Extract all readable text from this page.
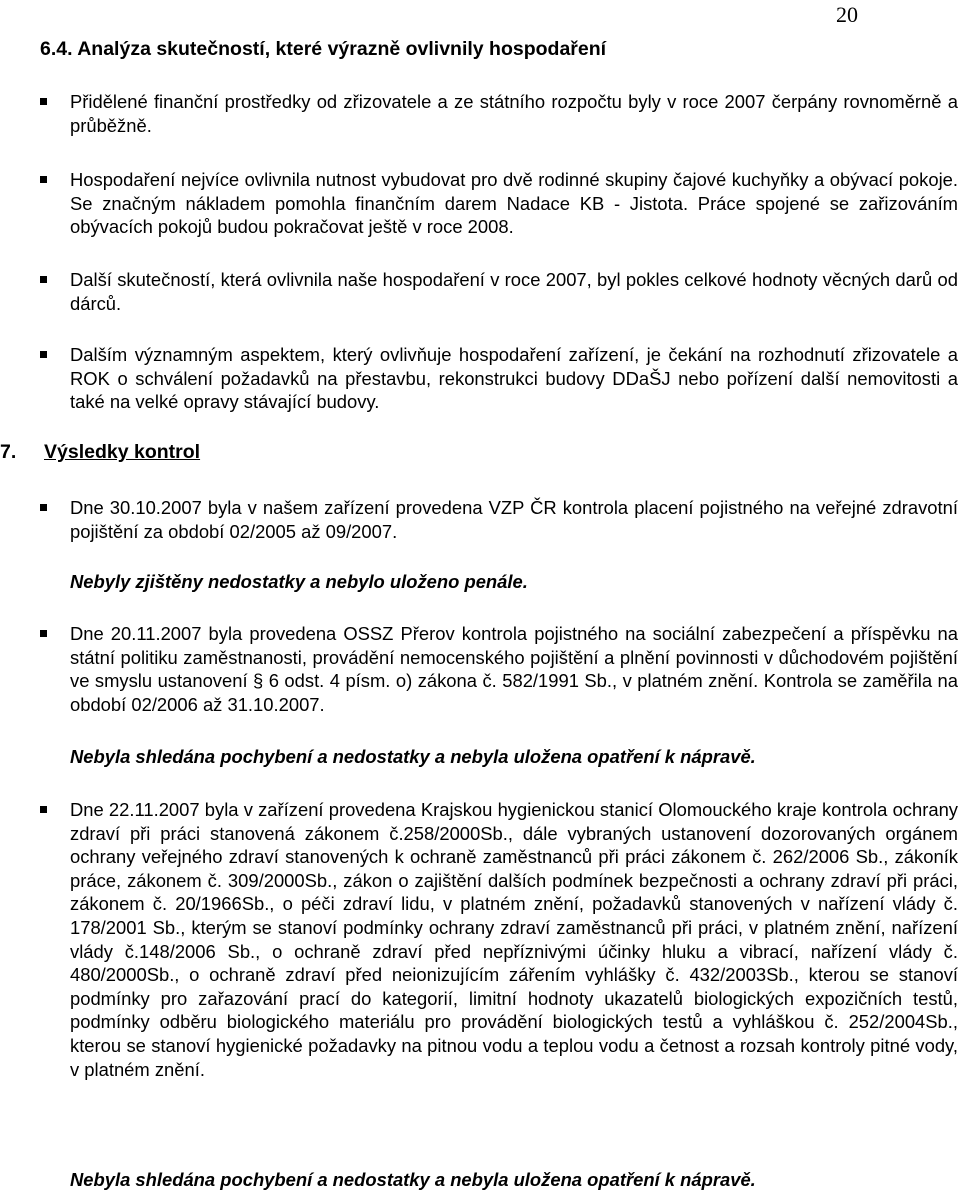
20
6.4. Analýza skutečností, které výrazně ovlivnily hospodaření
Přidělené finanční prostředky od zřizovatele a ze státního rozpočtu byly v roce 2007 čerpány rovnoměrně a průběžně.
Hospodaření nejvíce ovlivnila nutnost vybudovat pro dvě rodinné skupiny čajové kuchyňky a obývací pokoje. Se značným nákladem pomohla finančním darem Nadace KB - Jistota. Práce spojené se zařizováním obývacích pokojů budou pokračovat ještě v roce 2008.
Další skutečností, která ovlivnila naše hospodaření v roce 2007, byl pokles celkové hodnoty věcných darů od dárců.
Dalším významným aspektem, který ovlivňuje hospodaření zařízení, je čekání na rozhodnutí zřizovatele a ROK o schválení požadavků na přestavbu, rekonstrukci budovy DDaŠJ nebo pořízení další nemovitosti a také na velké opravy stávající budovy.
7. Výsledky kontrol
Dne 30.10.2007 byla v našem zařízení provedena VZP ČR kontrola placení pojistného na veřejné zdravotní pojištění za období 02/2005 až 09/2007.
Nebyly zjištěny nedostatky a nebylo uloženo penále.
Dne 20.11.2007 byla provedena OSSZ Přerov kontrola pojistného na sociální zabezpečení a příspěvku na státní politiku zaměstnanosti, provádění nemocenského pojištění a plnění povinnosti v důchodovém pojištění ve smyslu ustanovení § 6 odst. 4 písm. o) zákona č. 582/1991 Sb., v platném znění. Kontrola se zaměřila na období 02/2006 až 31.10.2007.
Nebyla shledána pochybení a nedostatky a nebyla uložena opatření k nápravě.
Dne 22.11.2007 byla v zařízení provedena Krajskou hygienickou stanicí Olomouckého kraje kontrola ochrany zdraví při práci stanovená zákonem č.258/2000Sb., dále vybraných ustanovení dozorovaných orgánem ochrany veřejného zdraví stanovených k ochraně zaměstnanců při práci zákonem č. 262/2006 Sb., zákoník práce, zákonem č. 309/2000Sb., zákon o zajištění dalších podmínek bezpečnosti a ochrany zdraví při práci, zákonem č. 20/1966Sb., o péči zdraví lidu, v platném znění, požadavků stanovených v nařízení vlády č. 178/2001 Sb., kterým se stanoví podmínky ochrany zdraví zaměstnanců při práci, v platném znění, nařízení vlády č.148/2006 Sb., o ochraně zdraví před nepříznivými účinky hluku a vibrací, nařízení vlády č. 480/2000Sb., o ochraně zdraví před neionizujícím zářením vyhlášky č. 432/2003Sb., kterou se stanoví podmínky pro zařazování prací do kategorií, limitní hodnoty ukazatelů biologických expozičních testů, podmínky odběru biologického materiálu pro provádění biologických testů a vyhláškou č. 252/2004Sb., kterou se stanoví hygienické požadavky na pitnou vodu a teplou vodu a četnost a rozsah kontroly pitné vody, v platném znění.
Nebyla shledána pochybení a nedostatky a nebyla uložena opatření k nápravě.
